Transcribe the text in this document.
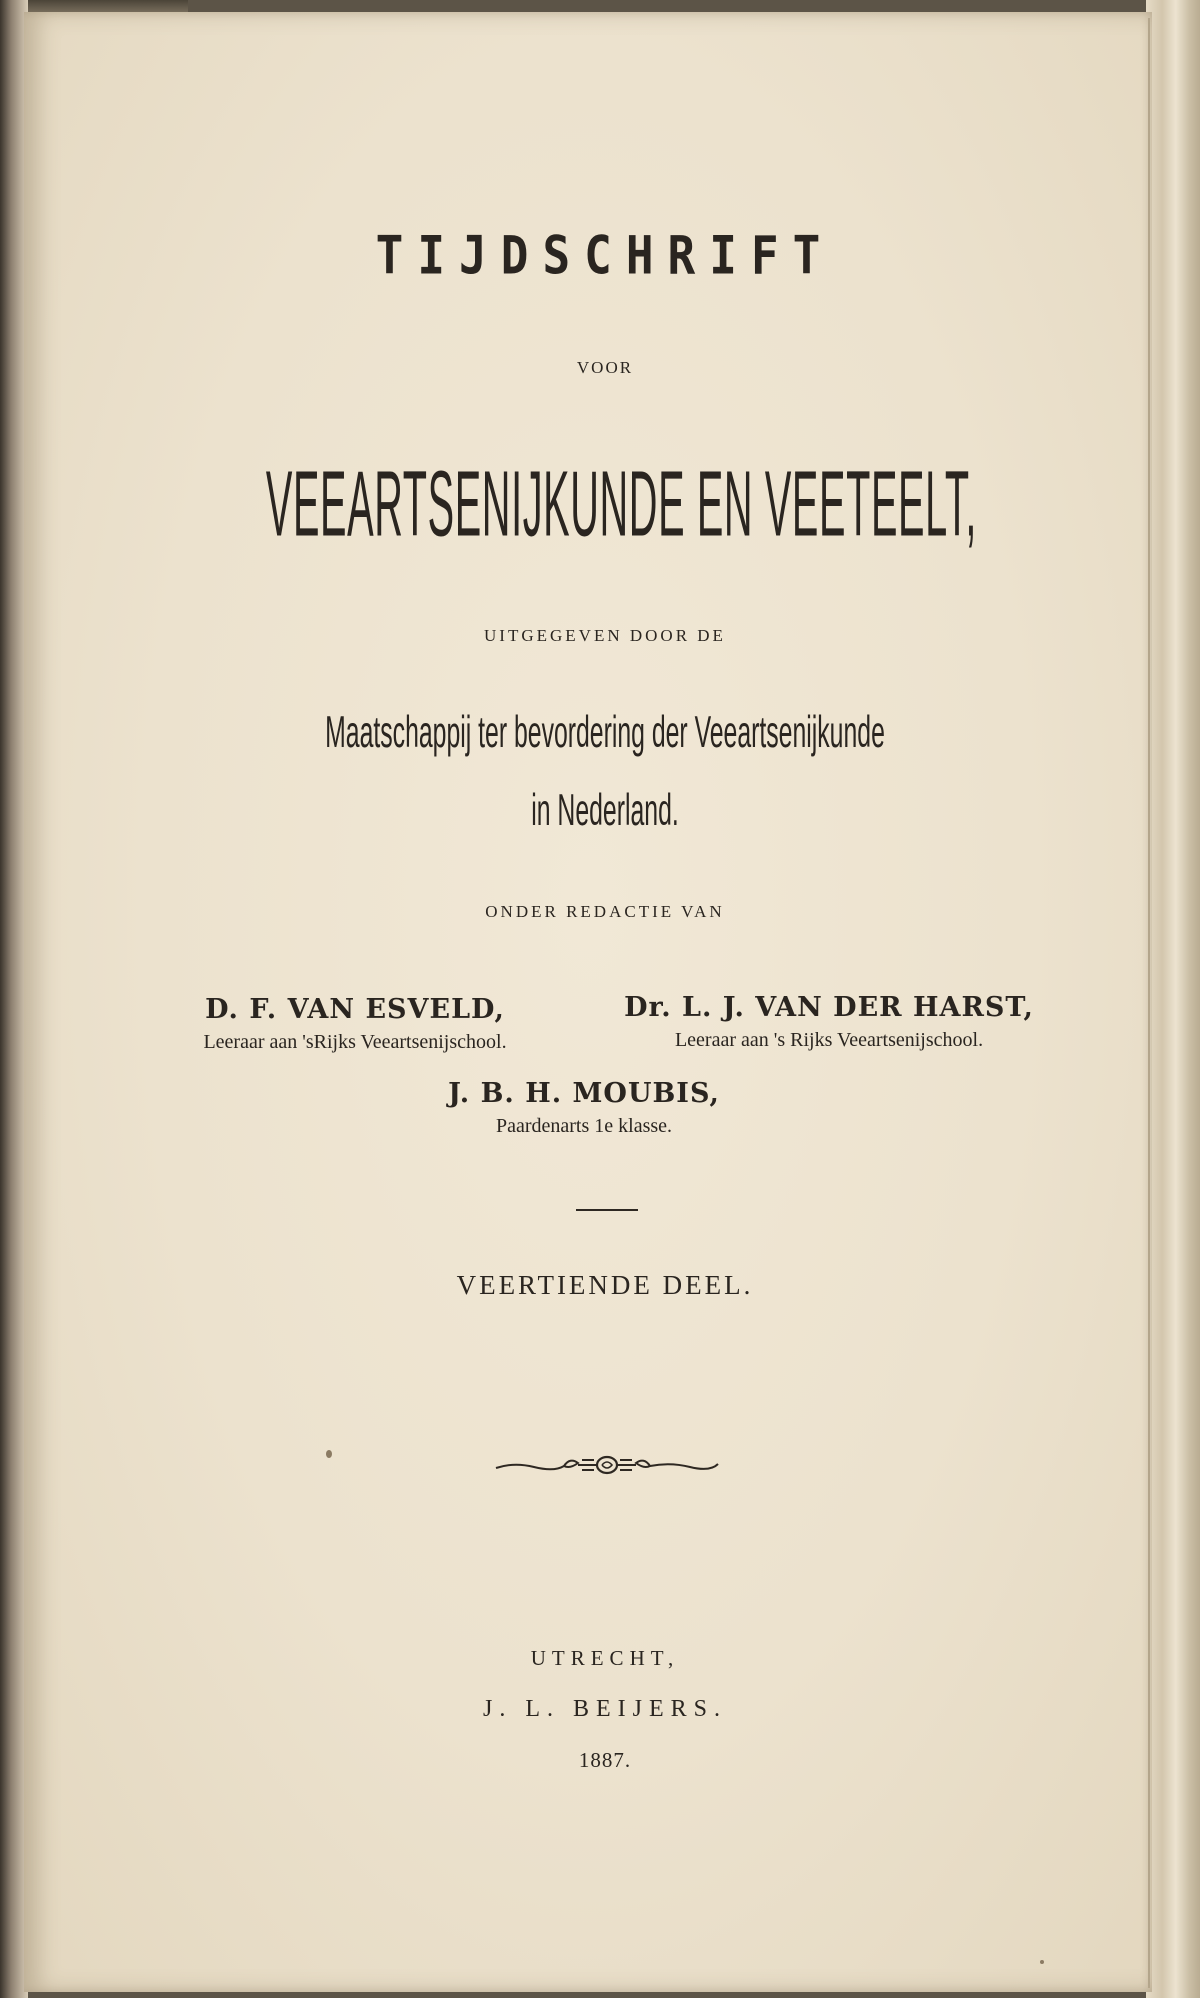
TIJDSCHRIFT
VOOR
VEEARTSENIJKUNDE EN VEETEELT,
UITGEGEVEN DOOR DE
Maatschappij ter bevordering der Veeartsenijkunde
in Nederland.
ONDER REDACTIE VAN
D. F. VAN ESVELD,
Leeraar aan 'sRijks Veeartsenijschool.
Dr. L. J. VAN DER HARST,
Leeraar aan 's Rijks Veeartsenijschool.
J. B. H. MOUBIS,
Paardenarts 1e klasse.
VEERTIENDE DEEL.
UTRECHT,
J. L. BEIJERS.
1887.
